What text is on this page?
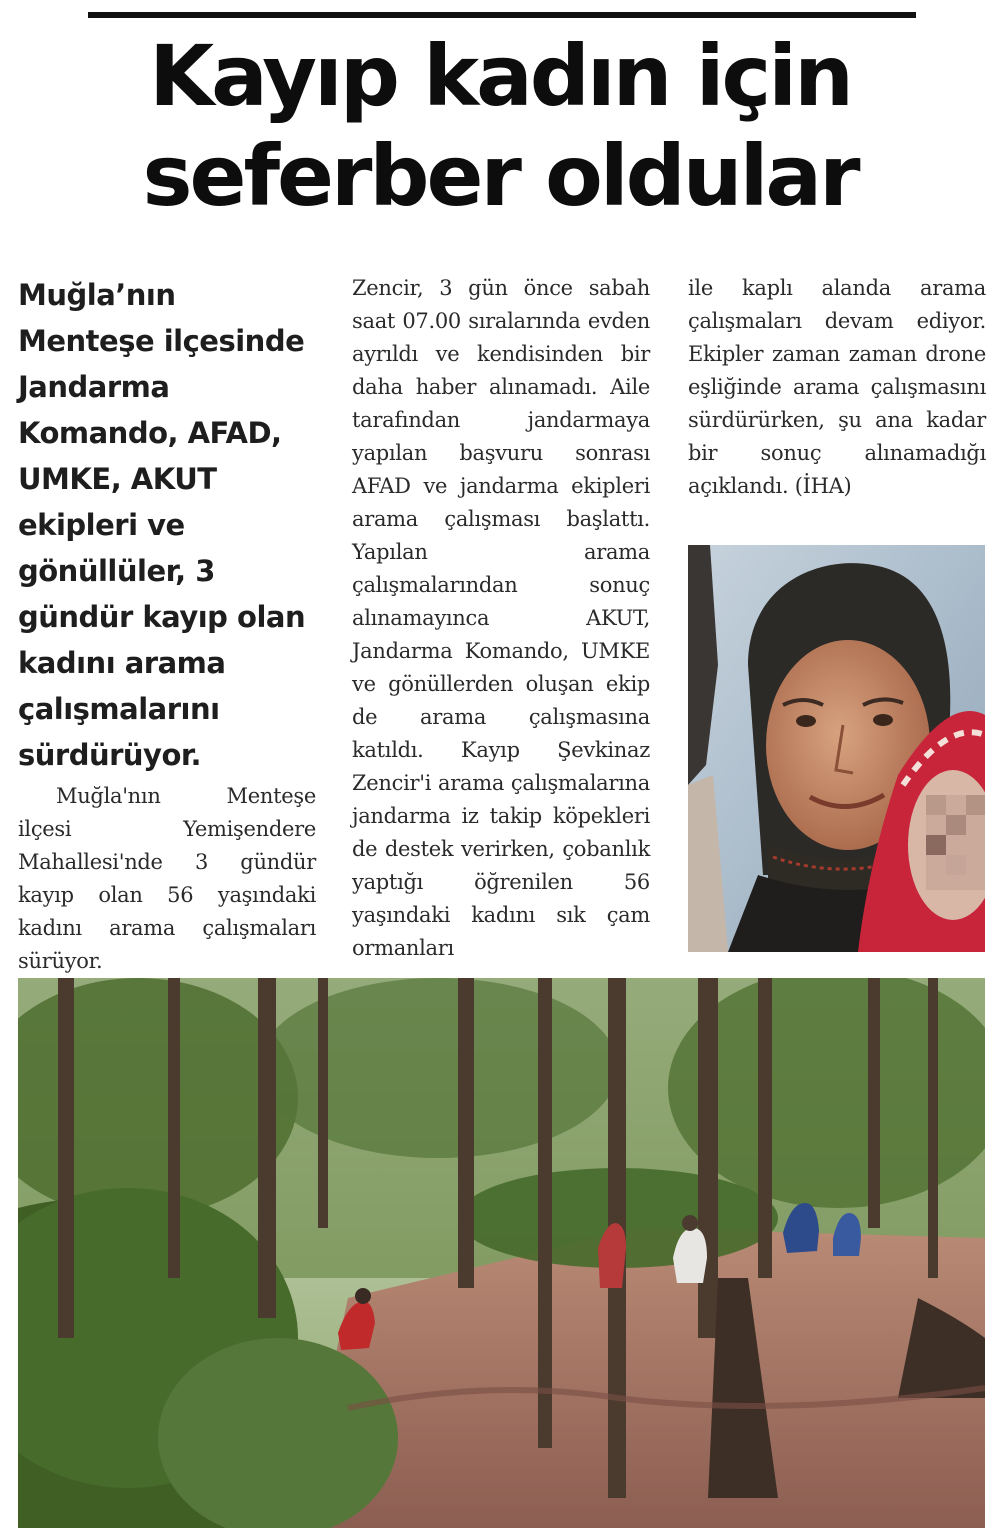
Kayıp kadın için
seferber oldular

Muğla’nın Menteşe ilçesinde Jandarma Komando, AFAD, UMKE, AKUT ekipleri ve gönüllüler, 3 gündür kayıp olan kadını arama çalışmalarını sürdürüyor.

Muğla'nın Menteşe ilçesi Yemişendere Mahallesi'nde 3 gündür kayıp olan 56 yaşındaki kadını arama çalışmaları sürüyor.

Zencir, 3 gün önce sabah saat 07.00 sıralarında evden ayrıldı ve kendisinden bir daha haber alınamadı. Aile tarafından jandarmaya yapılan başvuru sonrası AFAD ve jandarma ekipleri arama çalışması başlattı. Yapılan arama çalışmalarından sonuç alınamayınca AKUT, Jandarma Komando, UMKE ve gönüllerden oluşan ekip de arama çalışmasına katıldı. Kayıp Şevkinaz Zencir'i arama çalışmalarına jandarma iz takip köpekleri de destek verirken, çobanlık yaptığı öğrenilen 56 yaşındaki kadını sık çam ormanları

ile kaplı alanda arama çalışmaları devam ediyor. Ekipler zaman zaman drone eşliğinde arama çalışmasını sürdürürken, şu ana kadar bir sonuç alınamadığı açıklandı. (İHA)
